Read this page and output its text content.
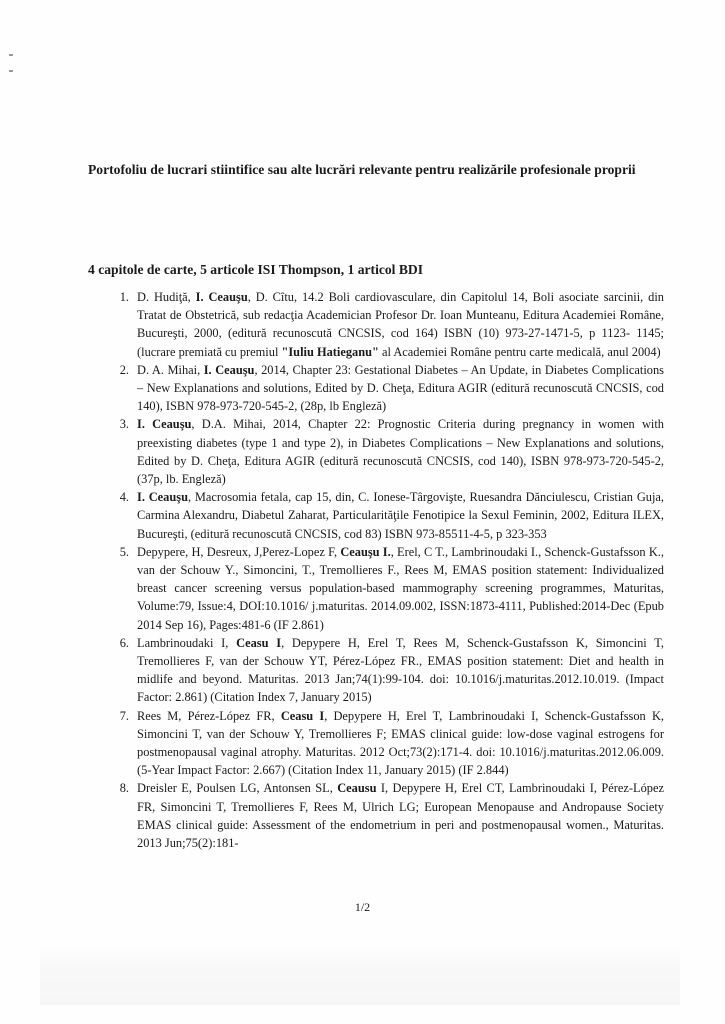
Portofoliu de lucrari stiintifice sau alte lucrări relevante pentru realizările profesionale proprii
4 capitole de carte, 5 articole ISI Thompson, 1 articol BDI
1. D. Hudiţă, I. Ceauşu, D. Cîtu, 14.2 Boli cardiovasculare, din Capitolul 14, Boli asociate sarcinii, din Tratat de Obstetrică, sub redacţia Academician Profesor Dr. Ioan Munteanu, Editura Academiei Române, Bucureşti, 2000, (editură recunoscută CNCSIS, cod 164) ISBN (10) 973-27-1471-5, p 1123- 1145; (lucrare premiată cu premiul "Iuliu Hatieganu" al Academiei Române pentru carte medicală, anul 2004)
2. D. A. Mihai, I. Ceauşu, 2014, Chapter 23: Gestational Diabetes – An Update, in Diabetes Complications – New Explanations and solutions, Edited by D. Cheţa, Editura AGIR (editură recunoscută CNCSIS, cod 140), ISBN 978-973-720-545-2, (28p, lb Engleză)
3. I. Ceauşu, D.A. Mihai, 2014, Chapter 22: Prognostic Criteria during pregnancy in women with preexisting diabetes (type 1 and type 2), in Diabetes Complications – New Explanations and solutions, Edited by D. Cheţa, Editura AGIR (editură recunoscută CNCSIS, cod 140), ISBN 978-973-720-545-2, (37p, lb. Engleză)
4. I. Ceauşu, Macrosomia fetala, cap 15, din, C. Ionese-Târgovişte, Ruesandra Dănciulescu, Cristian Guja, Carmina Alexandru, Diabetul Zaharat, Particularităţile Fenotipice la Sexul Feminin, 2002, Editura ILEX, Bucureşti, (editură recunoscută CNCSIS, cod 83) ISBN 973-85511-4-5, p 323-353
5. Depypere, H, Desreux, J,Perez-Lopez F, Ceauşu I., Erel, C T., Lambrinoudaki I., Schenck-Gustafsson K., van der Schouw Y., Simoncini, T., Tremollieres F., Rees M, EMAS position statement: Individualized breast cancer screening versus population-based mammography screening programmes, Maturitas, Volume:79, Issue:4, DOI:10.1016/ j.maturitas. 2014.09.002, ISSN:1873-4111, Published:2014-Dec (Epub 2014 Sep 16), Pages:481-6 (IF 2.861)
6. Lambrinoudaki I, Ceasu I, Depypere H, Erel T, Rees M, Schenck-Gustafsson K, Simoncini T, Tremollieres F, van der Schouw YT, Pérez-López FR., EMAS position statement: Diet and health in midlife and beyond. Maturitas. 2013 Jan;74(1):99-104. doi: 10.1016/j.maturitas.2012.10.019. (Impact Factor: 2.861) (Citation Index 7, January 2015)
7. Rees M, Pérez-López FR, Ceasu I, Depypere H, Erel T, Lambrinoudaki I, Schenck-Gustafsson K, Simoncini T, van der Schouw Y, Tremollieres F; EMAS clinical guide: low-dose vaginal estrogens for postmenopausal vaginal atrophy. Maturitas. 2012 Oct;73(2):171-4. doi: 10.1016/j.maturitas.2012.06.009. (5-Year Impact Factor: 2.667) (Citation Index 11, January 2015) (IF 2.844)
8. Dreisler E, Poulsen LG, Antonsen SL, Ceausu I, Depypere H, Erel CT, Lambrinoudaki I, Pérez-López FR, Simoncini T, Tremollieres F, Rees M, Ulrich LG; European Menopause and Andropause Society EMAS clinical guide: Assessment of the endometrium in peri and postmenopausal women., Maturitas. 2013 Jun;75(2):181-
1/2
